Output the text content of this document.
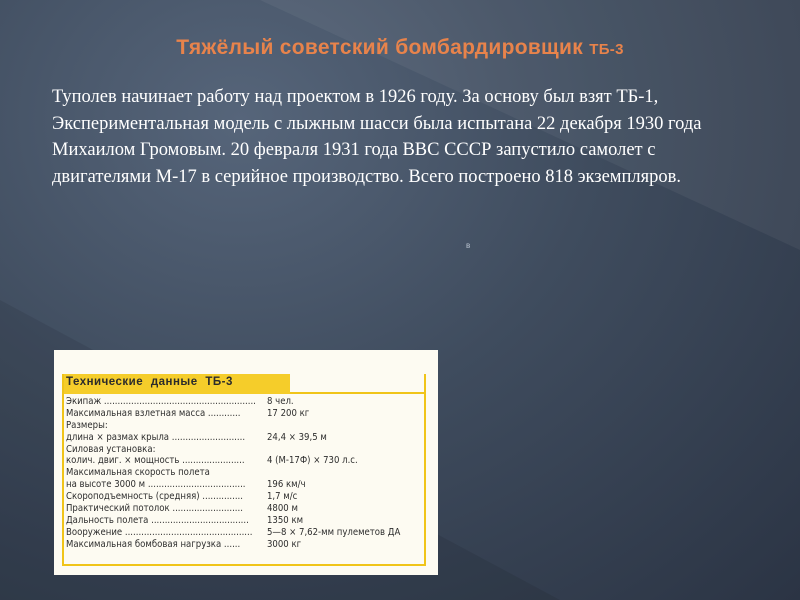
Тяжёлый советский бомбардировщик ТБ-3
Туполев начинает работу над проектом в 1926 году. За основу был взят ТБ-1, Экспериментальная модель с лыжным шасси была испытана 22 декабря 1930 года Михаилом Громовым. 20 февраля 1931 года ВВС СССР запустило самолет с двигателями М-17 в серийное производство. Всего построено 818 экземпляров.
в
Технические данные ТБ-3
Экипаж ........................................................ 8 чел.
Максимальная взлетная масса ............	17 200 кг
Размеры:
длина × размах крыла ........................... 24,4 × 39,5 м
Силовая установка:
колич. двиг. × мощность ....................... 4 (М-17Ф) × 730 л.с.
Максимальная скорость полета
на высоте 3000 м .................................... 196 км/ч
Скороподъемность (средняя) ...............	1,7 м/с
Практический потолок ..........................	4800 м
Дальность полета .................................... 1350 км
Вооружение ............................................... 5—8 × 7,62-мм пулеметов ДА
Максимальная бомбовая нагрузка ......	3000 кг
